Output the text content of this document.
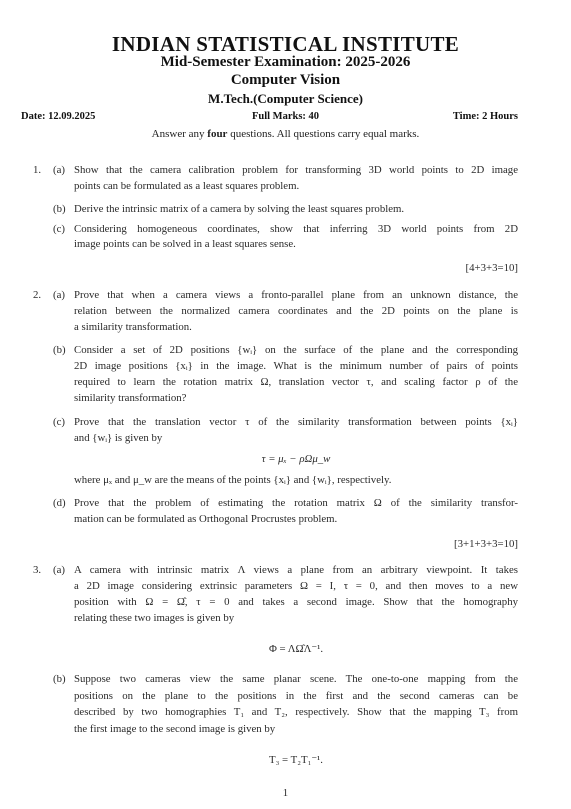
INDIAN STATISTICAL INSTITUTE
Mid-Semester Examination: 2025-2026
Computer Vision
M.Tech.(Computer Science)
Date: 12.09.2025	Full Marks: 40	Time: 2 Hours
Answer any four questions. All questions carry equal marks.
1. (a) Show that the camera calibration problem for transforming 3D world points to 2D image
points can be formulated as a least squares problem.
(b) Derive the intrinsic matrix of a camera by solving the least squares problem.
(c) Considering homogeneous coordinates, show that inferring 3D world points from 2D
image points can be solved in a least squares sense.
[4+3+3=10]
2. (a) Prove that when a camera views a fronto-parallel plane from an unknown distance, the
relation between the normalized camera coordinates and the 2D points on the plane is
a similarity transformation.
(b) Consider a set of 2D positions {wᵢ} on the surface of the plane and the corresponding
2D image positions {xᵢ} in the image. What is the minimum number of pairs of points
required to learn the rotation matrix Ω, translation vector τ, and scaling factor ρ of the
similarity transformation?
(c) Prove that the translation vector τ of the similarity transformation between points {xᵢ}
and {wᵢ} is given by
τ = μₓ − ρΩμ_w
where μₓ and μ_w are the means of the points {xᵢ} and {wᵢ}, respectively.
(d) Prove that the problem of estimating the rotation matrix Ω of the similarity transfor-
mation can be formulated as Orthogonal Procrustes problem.
[3+1+3+3=10]
3. (a) A camera with intrinsic matrix Λ views a plane from an arbitrary viewpoint. It takes
a 2D image considering extrinsic parameters Ω = I, τ = 0, and then moves to a new
position with Ω = Ω̂, τ = 0 and takes a second image. Show that the homography
relating these two images is given by
Φ = ΛΩ̂Λ⁻¹.
(b) Suppose two cameras view the same planar scene. The one-to-one mapping from the
positions on the plane to the positions in the first and the second cameras can be
described by two homographies T₁ and T₂, respectively. Show that the mapping T₃ from
the first image to the second image is given by
T₃ = T₂T₁⁻¹.
1
